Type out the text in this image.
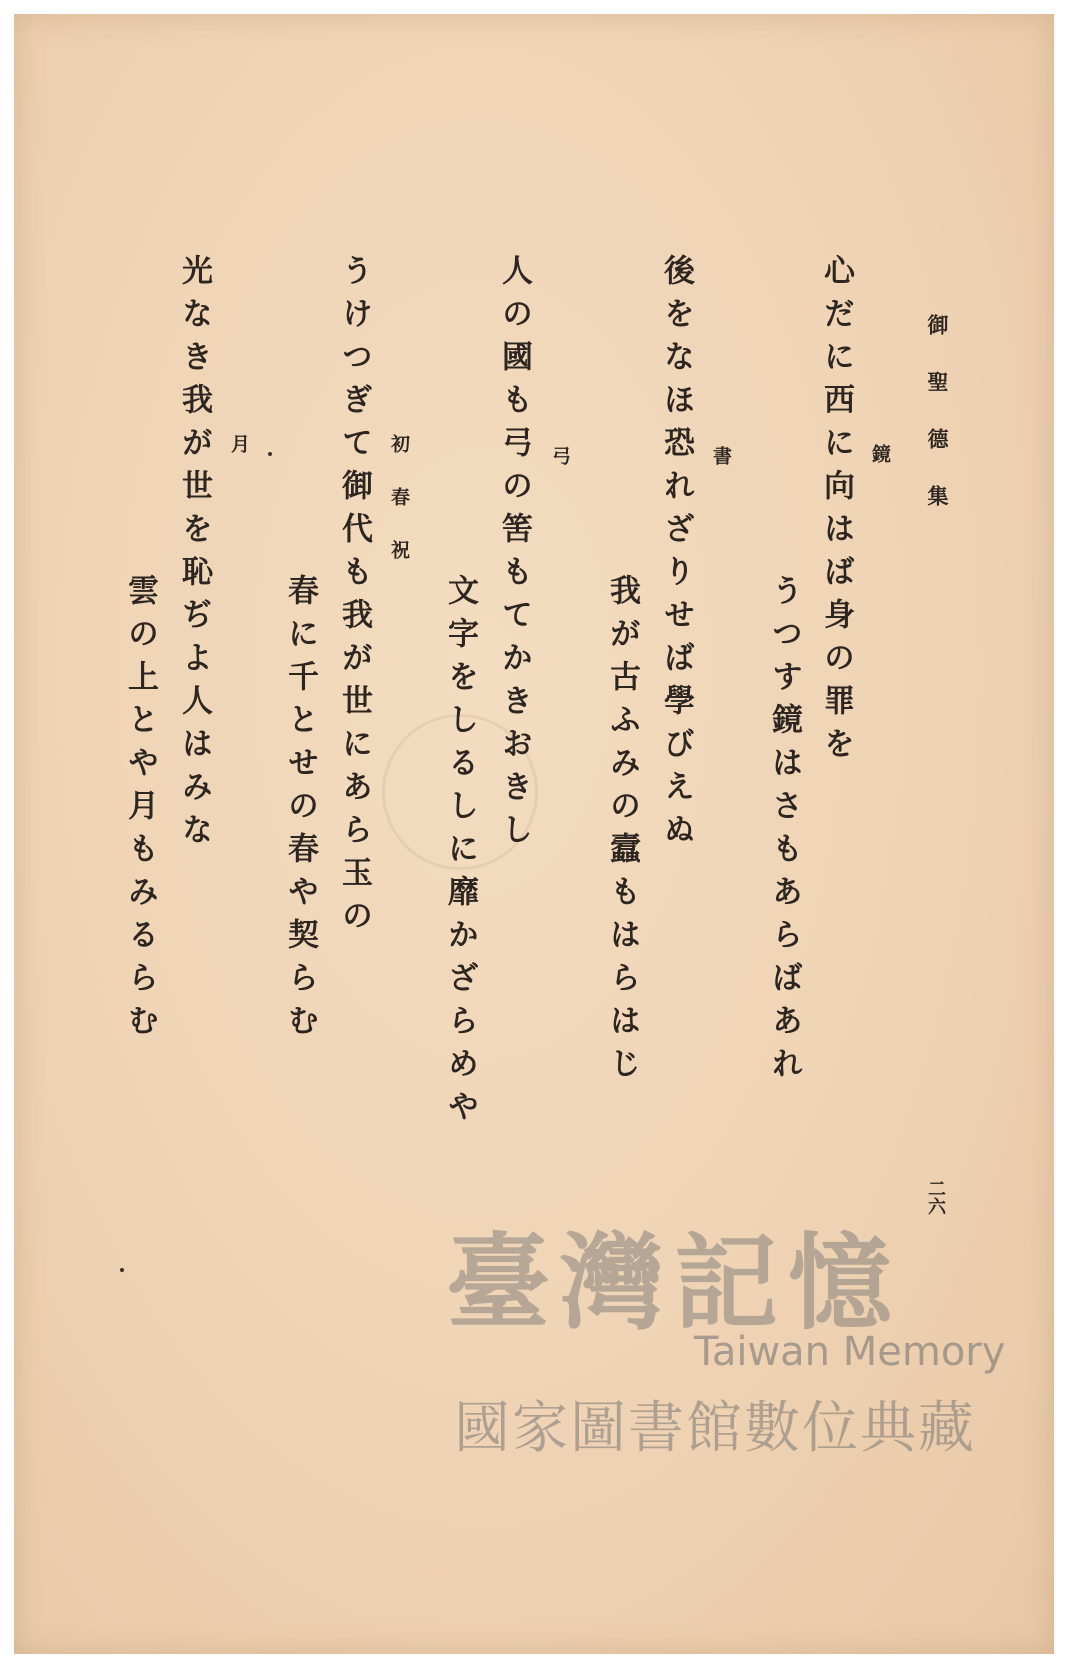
御聖德集

鏡

心だに西に向はば身の罪を

うつす鏡はさもあらばあれ

書

後をなほ恐れざりせば學びえぬ

我が古ふみの蠧もはらはじ

弓

人の國も弓の筈もてかきおきし

文字をしるしに靡かざらめや

初春祝

うけつぎて御代も我が世にあら玉の

春に千とせの春や契らむ

月

光なき我が世を恥ぢよ人はみな

雲の上とや月もみるらむ

二六

臺灣記憶
Taiwan Memory
國家圖書館數位典藏
